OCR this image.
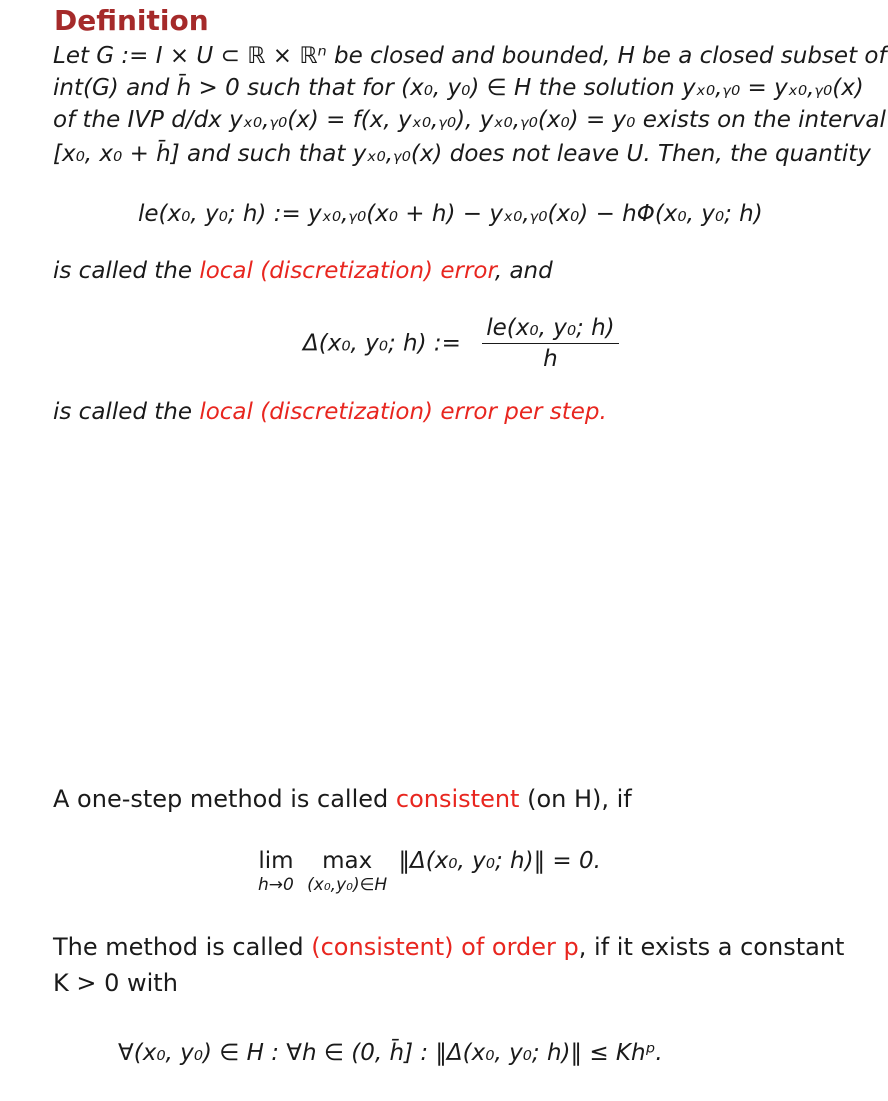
Definition
Let G := I × U ⊂ ℝ × ℝⁿ be closed and bounded, H be a closed subset of
int(G) and h̄ > 0 such that for (x₀, y₀) ∈ H the solution yₓ₀,ᵧ₀ = yₓ₀,ᵧ₀(x)
of the IVP d/dx yₓ₀,ᵧ₀(x) = f(x, yₓ₀,ᵧ₀), yₓ₀,ᵧ₀(x₀) = y₀ exists on the interval
[x₀, x₀ + h̄] and such that yₓ₀,ᵧ₀(x) does not leave U. Then, the quantity
le(x₀, y₀; h) := yₓ₀,ᵧ₀(x₀ + h) − yₓ₀,ᵧ₀(x₀) − hΦ(x₀, y₀; h)
is called the local (discretization) error, and
Δ(x₀, y₀; h) := $\frac{\text{le(x₀, y₀; h)}}{h}$
is called the local (discretization) error per step.
A one-step method is called consistent (on H), if
lim
h→0

max
(x₀,y₀)∈H
‖Δ(x₀, y₀; h)‖ = 0.
The method is called (consistent) of order p, if it exists a constant
K > 0 with
∀(x₀, y₀) ∈ H : ∀h ∈ (0, h̄] : ‖Δ(x₀, y₀; h)‖ ≤ Khᵖ.
